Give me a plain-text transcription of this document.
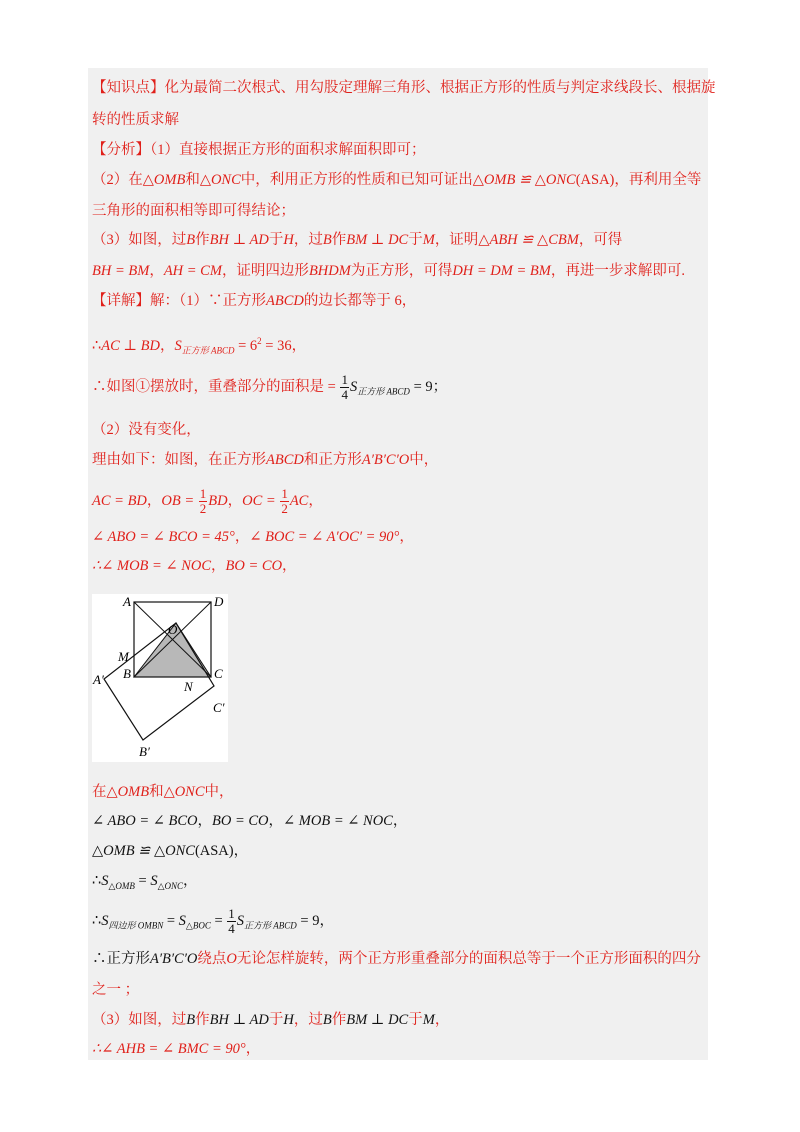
【知识点】化为最简二次根式、用勾股定理解三角形、根据正方形的性质与判定求线段长、根据旋
转的性质求解
【分析】（1）直接根据正方形的面积求解面积即可；
（2）在△OMB和△ONC中，利用正方形的性质和已知可证出△OMB ≌ △ONC(ASA)，再利用全等
三角形的面积相等即可得结论；
（3）如图，过B作BH ⊥ AD于H，过B作BM ⊥ DC于M，证明△ABH ≌ △CBM，可得
BH = BM，AH = CM，证明四边形BHDM为正方形，可得DH = DM = BM，再进一步求解即可.
【详解】解：（1）∵正方形ABCD的边长都等于 6，
∴AC ⊥ BD，$S_{正方形 ABCD} = 6^2 = 36$，
∴如图①摆放时，重叠部分的面积是 = $\frac{1}{4} S_{正方形 ABCD} = 9$；
（2）没有变化，
理由如下：如图，在正方形ABCD和正方形A′B′C′O中，
AC = BD，OB = $\frac{1}{2}$ BD，OC = $\frac{1}{2}$ AC，
∠ ABO = ∠ BCO = 45°，∠ BOC = ∠ A′OC′ = 90°，
∴∠ MOB = ∠ NOC，BO = CO，
A	D
O
M
B	C
A′	N
C′
B′
在△OMB和△ONC中，
∠ ABO = ∠ BCO，BO = CO，∠ MOB = ∠ NOC，
△OMB ≌ △ONC(ASA)，
$\therefore S_{\triangle OMB} = S_{\triangle ONC}$，
$\therefore S_{四边形 OMBN} = S_{\triangle BOC} = \frac{1}{4} S_{正方形 ABCD} = 9$，
∴正方形A′B′C′O绕点O无论怎样旋转，两个正方形重叠部分的面积总等于一个正方形面积的四分
之一 ；
（3）如图，过B作BH ⊥ AD于H，过B作BM ⊥ DC于M，
∴∠ AHB = ∠ BMC = 90°，
